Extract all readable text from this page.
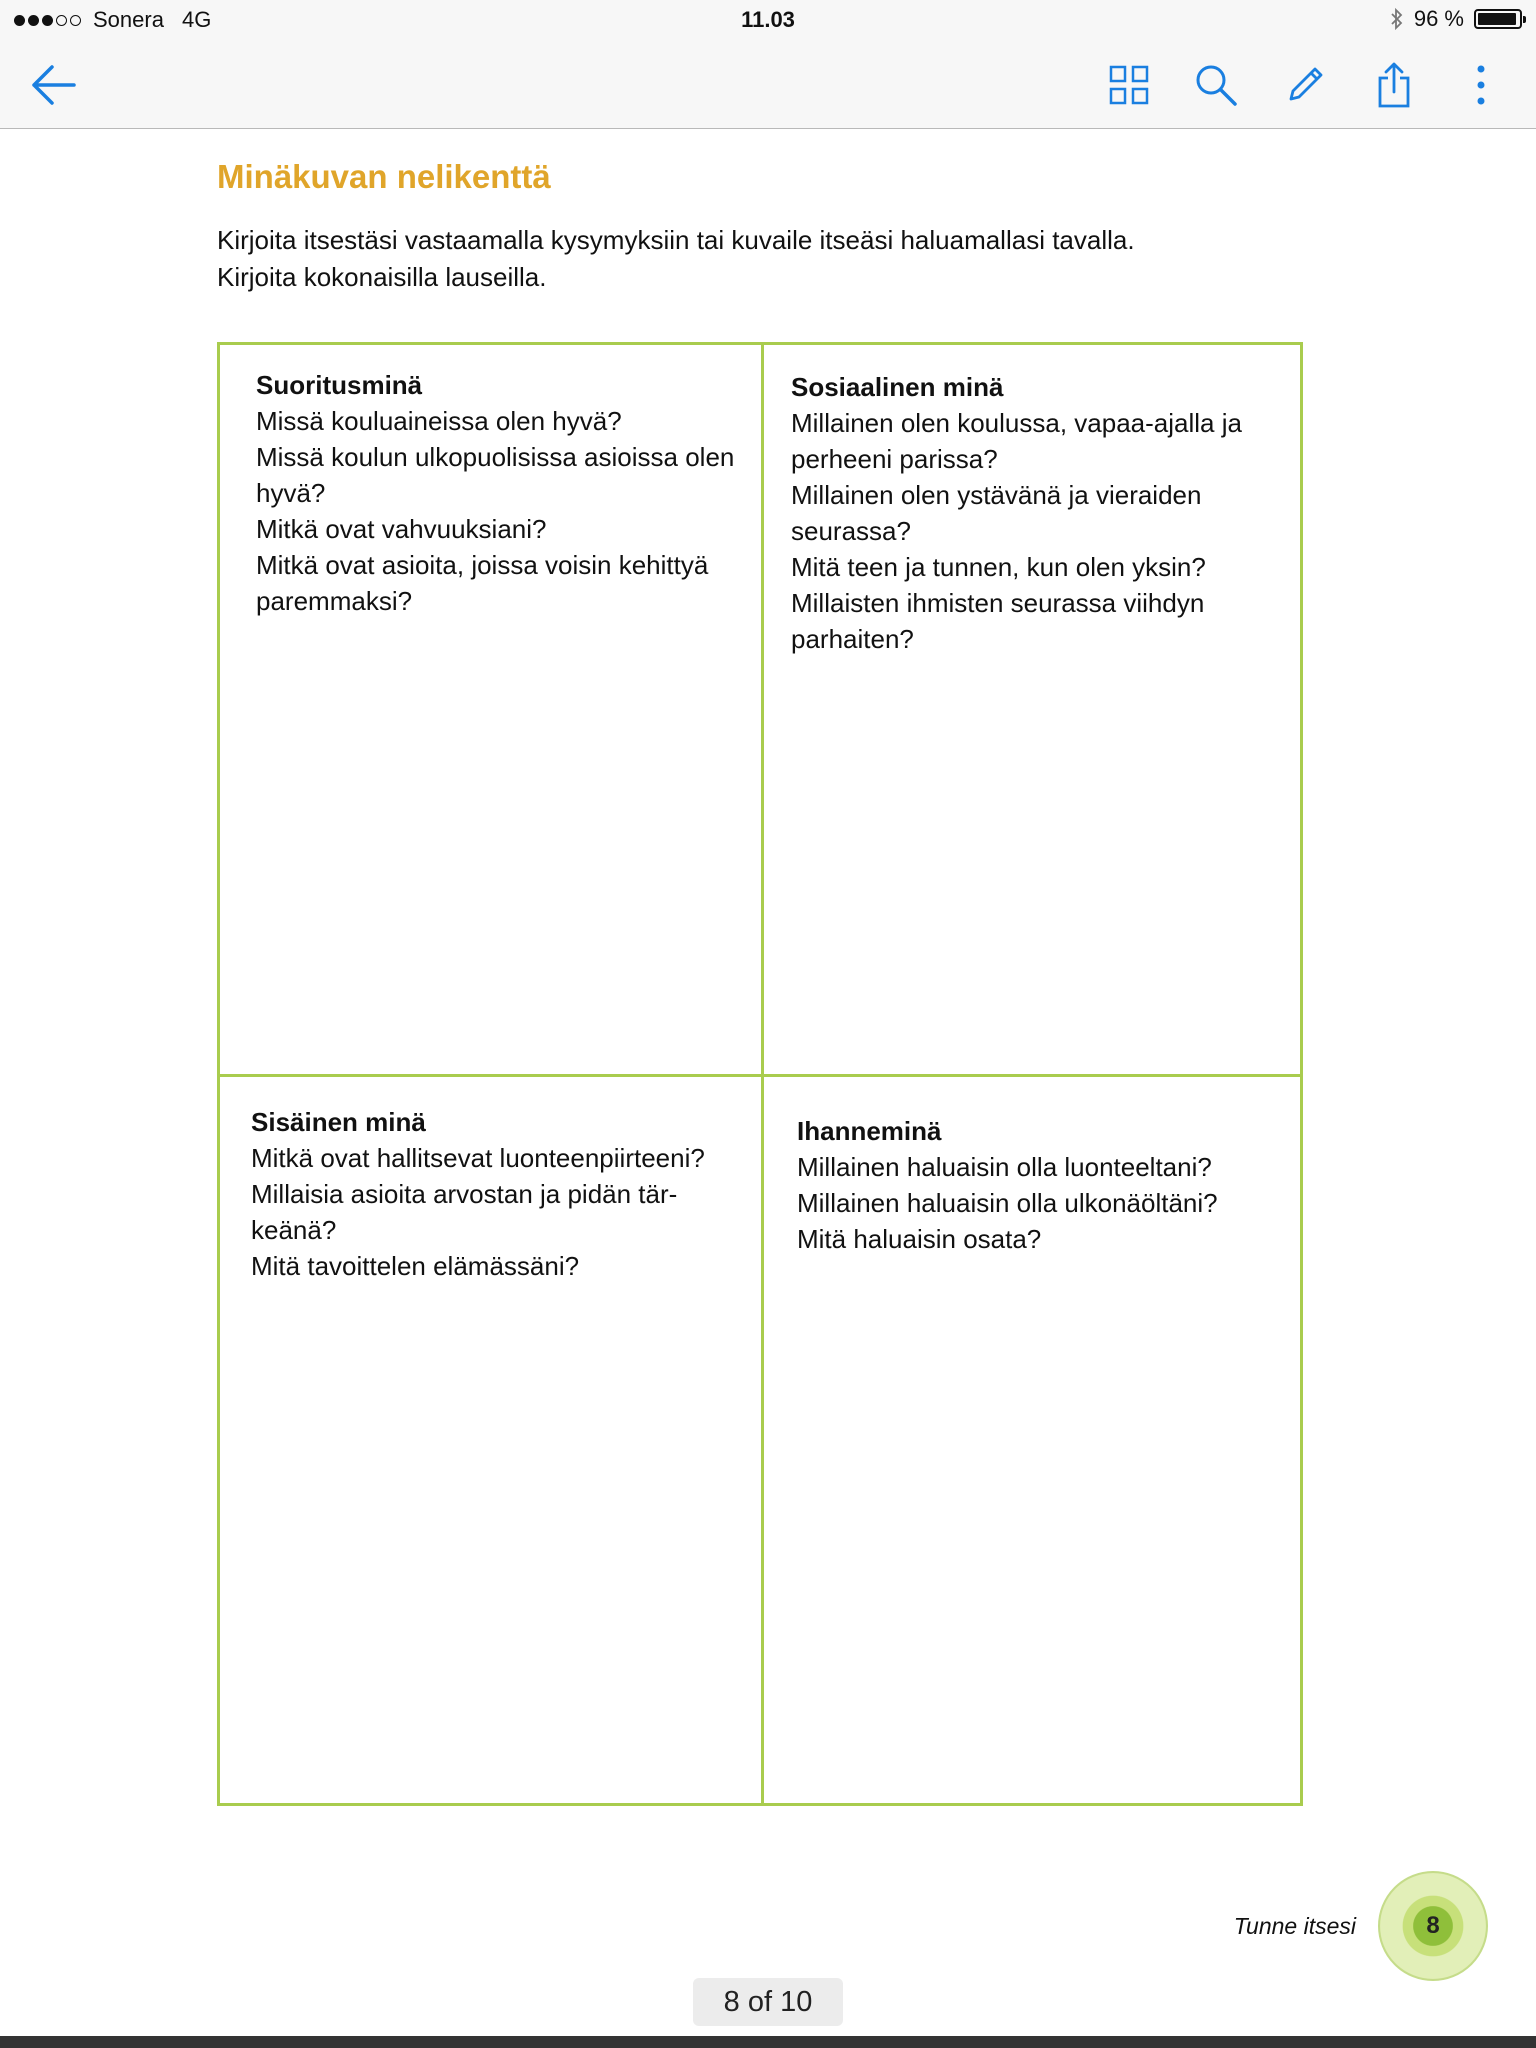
Sonera 4G	11.03	96 %
Minäkuvan nelikenttä

Kirjoita itsestäsi vastaamalla kysymyksiin tai kuvaile itseäsi haluamallasi tavalla. Kirjoita kokonaisilla lauseilla.

Suoritusminä
Missä kouluaineissa olen hyvä?
Missä koulun ulkopuolisissa asioissa olen hyvä?
Mitkä ovat vahvuuksiani?
Mitkä ovat asioita, joissa voisin kehittyä paremmaksi?
Sosiaalinen minä
Millainen olen koulussa, vapaa-ajalla ja perheeni parissa?
Millainen olen ystävänä ja vieraiden seurassa?
Mitä teen ja tunnen, kun olen yksin?
Millaisten ihmisten seurassa viihdyn parhaiten?
Sisäinen minä
Mitkä ovat hallitsevat luonteenpiirteeni?
Millaisia asioita arvostan ja pidän tär-keänä?
Mitä tavoittelen elämässäni?
Ihanneminä
Millainen haluaisin olla luonteeltani?
Millainen haluaisin olla ulkonäöltäni?
Mitä haluaisin osata?
Tunne itsesi	8
8 of 10
